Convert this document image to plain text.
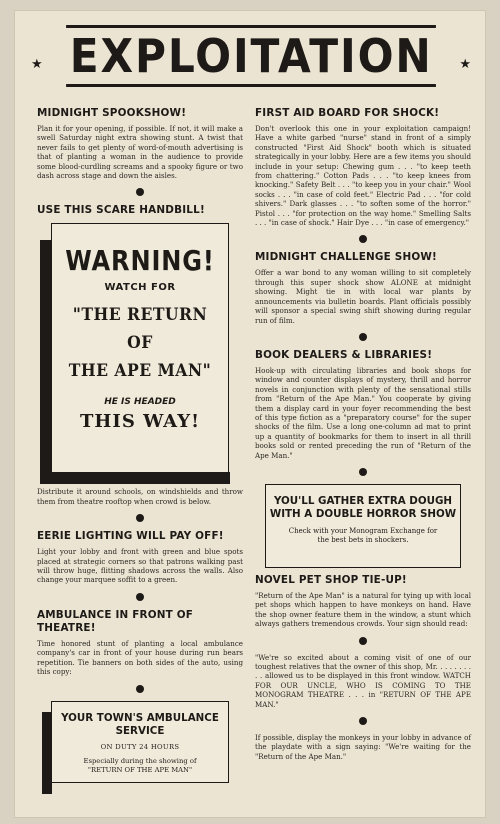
★ EXPLOITATION ★
MIDNIGHT SPOOKSHOW!

Plan it for your opening, if possible. If not, it will make a swell Saturday night extra showing stunt. A twist that never fails to get plenty of word-of-mouth advertising is that of planting a woman in the audience to provide some blood-curdling screams and a spooky figure or two dash across stage and down the aisles.

USE THIS SCARE HANDBILL!
WARNING!
WATCH FOR
"THE RETURN OF
THE APE MAN"
HE IS HEADED
THIS WAY!

Distribute it around schools, on windshields and throw them from theatre rooftop when crowd is below.

EERIE LIGHTING WILL PAY OFF!

Light your lobby and front with green and blue spots placed at strategic corners so that patrons walking past will throw huge, flitting shadows across the walls. Also change your marquee soffit to a green.

AMBULANCE IN FRONT OF
THEATRE!

Time honored stunt of planting a local ambulance company's car in front of your house during run bears repetition. Tie banners on both sides of the auto, using this copy:

YOUR TOWN'S AMBULANCE
SERVICE
ON DUTY 24 HOURS
Especially during the showing of
"RETURN OF THE APE MAN"
FIRST AID BOARD FOR SHOCK!

Don't overlook this one in your exploitation campaign! Have a white garbed "nurse" stand in front of a simply constructed "First Aid Shock" booth which is situated strategically in your lobby. Here are a few items you should include in your setup: Chewing gum . . . "to keep teeth from chattering." Cotton Pads . . . "to keep knees from knocking." Safety Belt . . . "to keep you in your chair." Wool socks . . . "in case of cold feet." Electric Pad . . . "for cold shivers." Dark glasses . . . "to soften some of the horror." Pistol . . . "for protection on the way home." Smelling Salts . . . "in case of shock." Hair Dye . . . "in case of emergency."

MIDNIGHT CHALLENGE SHOW!

Offer a war bond to any woman willing to sit completely through this super shock show ALONE at midnight showing. Might tie in with local war plants by announcements via bulletin boards. Plant officials possibly will sponsor a special swing shift showing during regular run of film.

BOOK DEALERS & LIBRARIES!

Hook-up with circulating libraries and book shops for window and counter displays of mystery, thrill and horror novels in conjunction with plenty of the sensational stills from "Return of the Ape Man." You cooperate by giving them a display card in your foyer recommending the best of this type fiction as a "preparatory course" for the super shocks of the film. Use a long one-column ad mat to print up a quantity of bookmarks for them to insert in all thrill books sold or rented preceding the run of "Return of the Ape Man."

YOU'LL GATHER EXTRA DOUGH
WITH A DOUBLE HORROR SHOW
Check with your Monogram Exchange for the best bets in shockers.
NOVEL PET SHOP TIE-UP!

"Return of the Ape Man" is a natural for tying up with local pet shops which happen to have monkeys on hand. Have the shop owner feature them in the window, a stunt which always gathers tremendous crowds. Your sign should read:

"We're so excited about a coming visit of one of our toughest relatives that the owner of this shop, Mr. . . . . . . . . . allowed us to be displayed in this front window. WATCH FOR OUR UNCLE, WHO IS COMING TO THE MONOGRAM THEATRE . . . in "RETURN OF THE APE MAN."

If possible, display the monkeys in your lobby in advance of the playdate with a sign saying: "We're waiting for the "Return of the Ape Man."
